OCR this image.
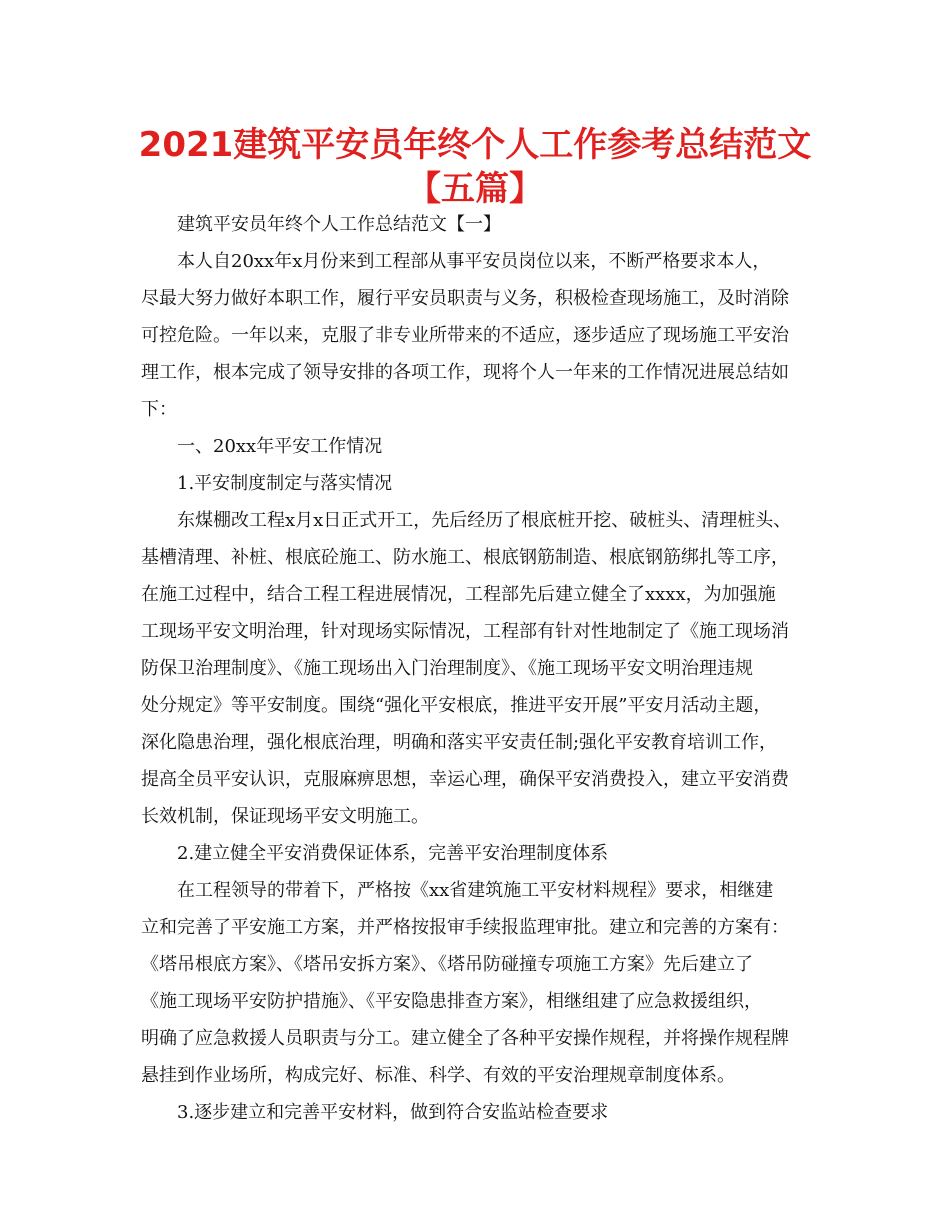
2021建筑平安员年终个人工作参考总结范文
【五篇】

建筑平安员年终个人工作总结范文【一】

本人自20xx年x月份来到工程部从事平安员岗位以来，不断严格要求本人，

尽最大努力做好本职工作，履行平安员职责与义务，积极检查现场施工，及时消除

可控危险。一年以来，克服了非专业所带来的不适应，逐步适应了现场施工平安治

理工作，根本完成了领导安排的各项工作，现将个人一年来的工作情况进展总结如

下：

一、20xx年平安工作情况

1.平安制度制定与落实情况

东煤棚改工程x月x日正式开工，先后经历了根底桩开挖、破桩头、清理桩头、

基槽清理、补桩、根底砼施工、防水施工、根底钢筋制造、根底钢筋绑扎等工序，

在施工过程中，结合工程工程进展情况，工程部先后建立健全了xxxx，为加强施

工现场平安文明治理，针对现场实际情况，工程部有针对性地制定了《施工现场消

防保卫治理制度》、《施工现场出入门治理制度》、《施工现场平安文明治理违规

处分规定》等平安制度。围绕“强化平安根底，推进平安开展”平安月活动主题，

深化隐患治理，强化根底治理，明确和落实平安责任制;强化平安教育培训工作，

提高全员平安认识，克服麻痹思想，幸运心理，确保平安消费投入，建立平安消费

长效机制，保证现场平安文明施工。

2.建立健全平安消费保证体系，完善平安治理制度体系

在工程领导的带着下，严格按《xx省建筑施工平安材料规程》要求，相继建

立和完善了平安施工方案，并严格按报审手续报监理审批。建立和完善的方案有：

《塔吊根底方案》、《塔吊安拆方案》、《塔吊防碰撞专项施工方案》先后建立了

《施工现场平安防护措施》、《平安隐患排查方案》，相继组建了应急救援组织，

明确了应急救援人员职责与分工。建立健全了各种平安操作规程，并将操作规程牌

悬挂到作业场所，构成完好、标准、科学、有效的平安治理规章制度体系。

3.逐步建立和完善平安材料，做到符合安监站检查要求
